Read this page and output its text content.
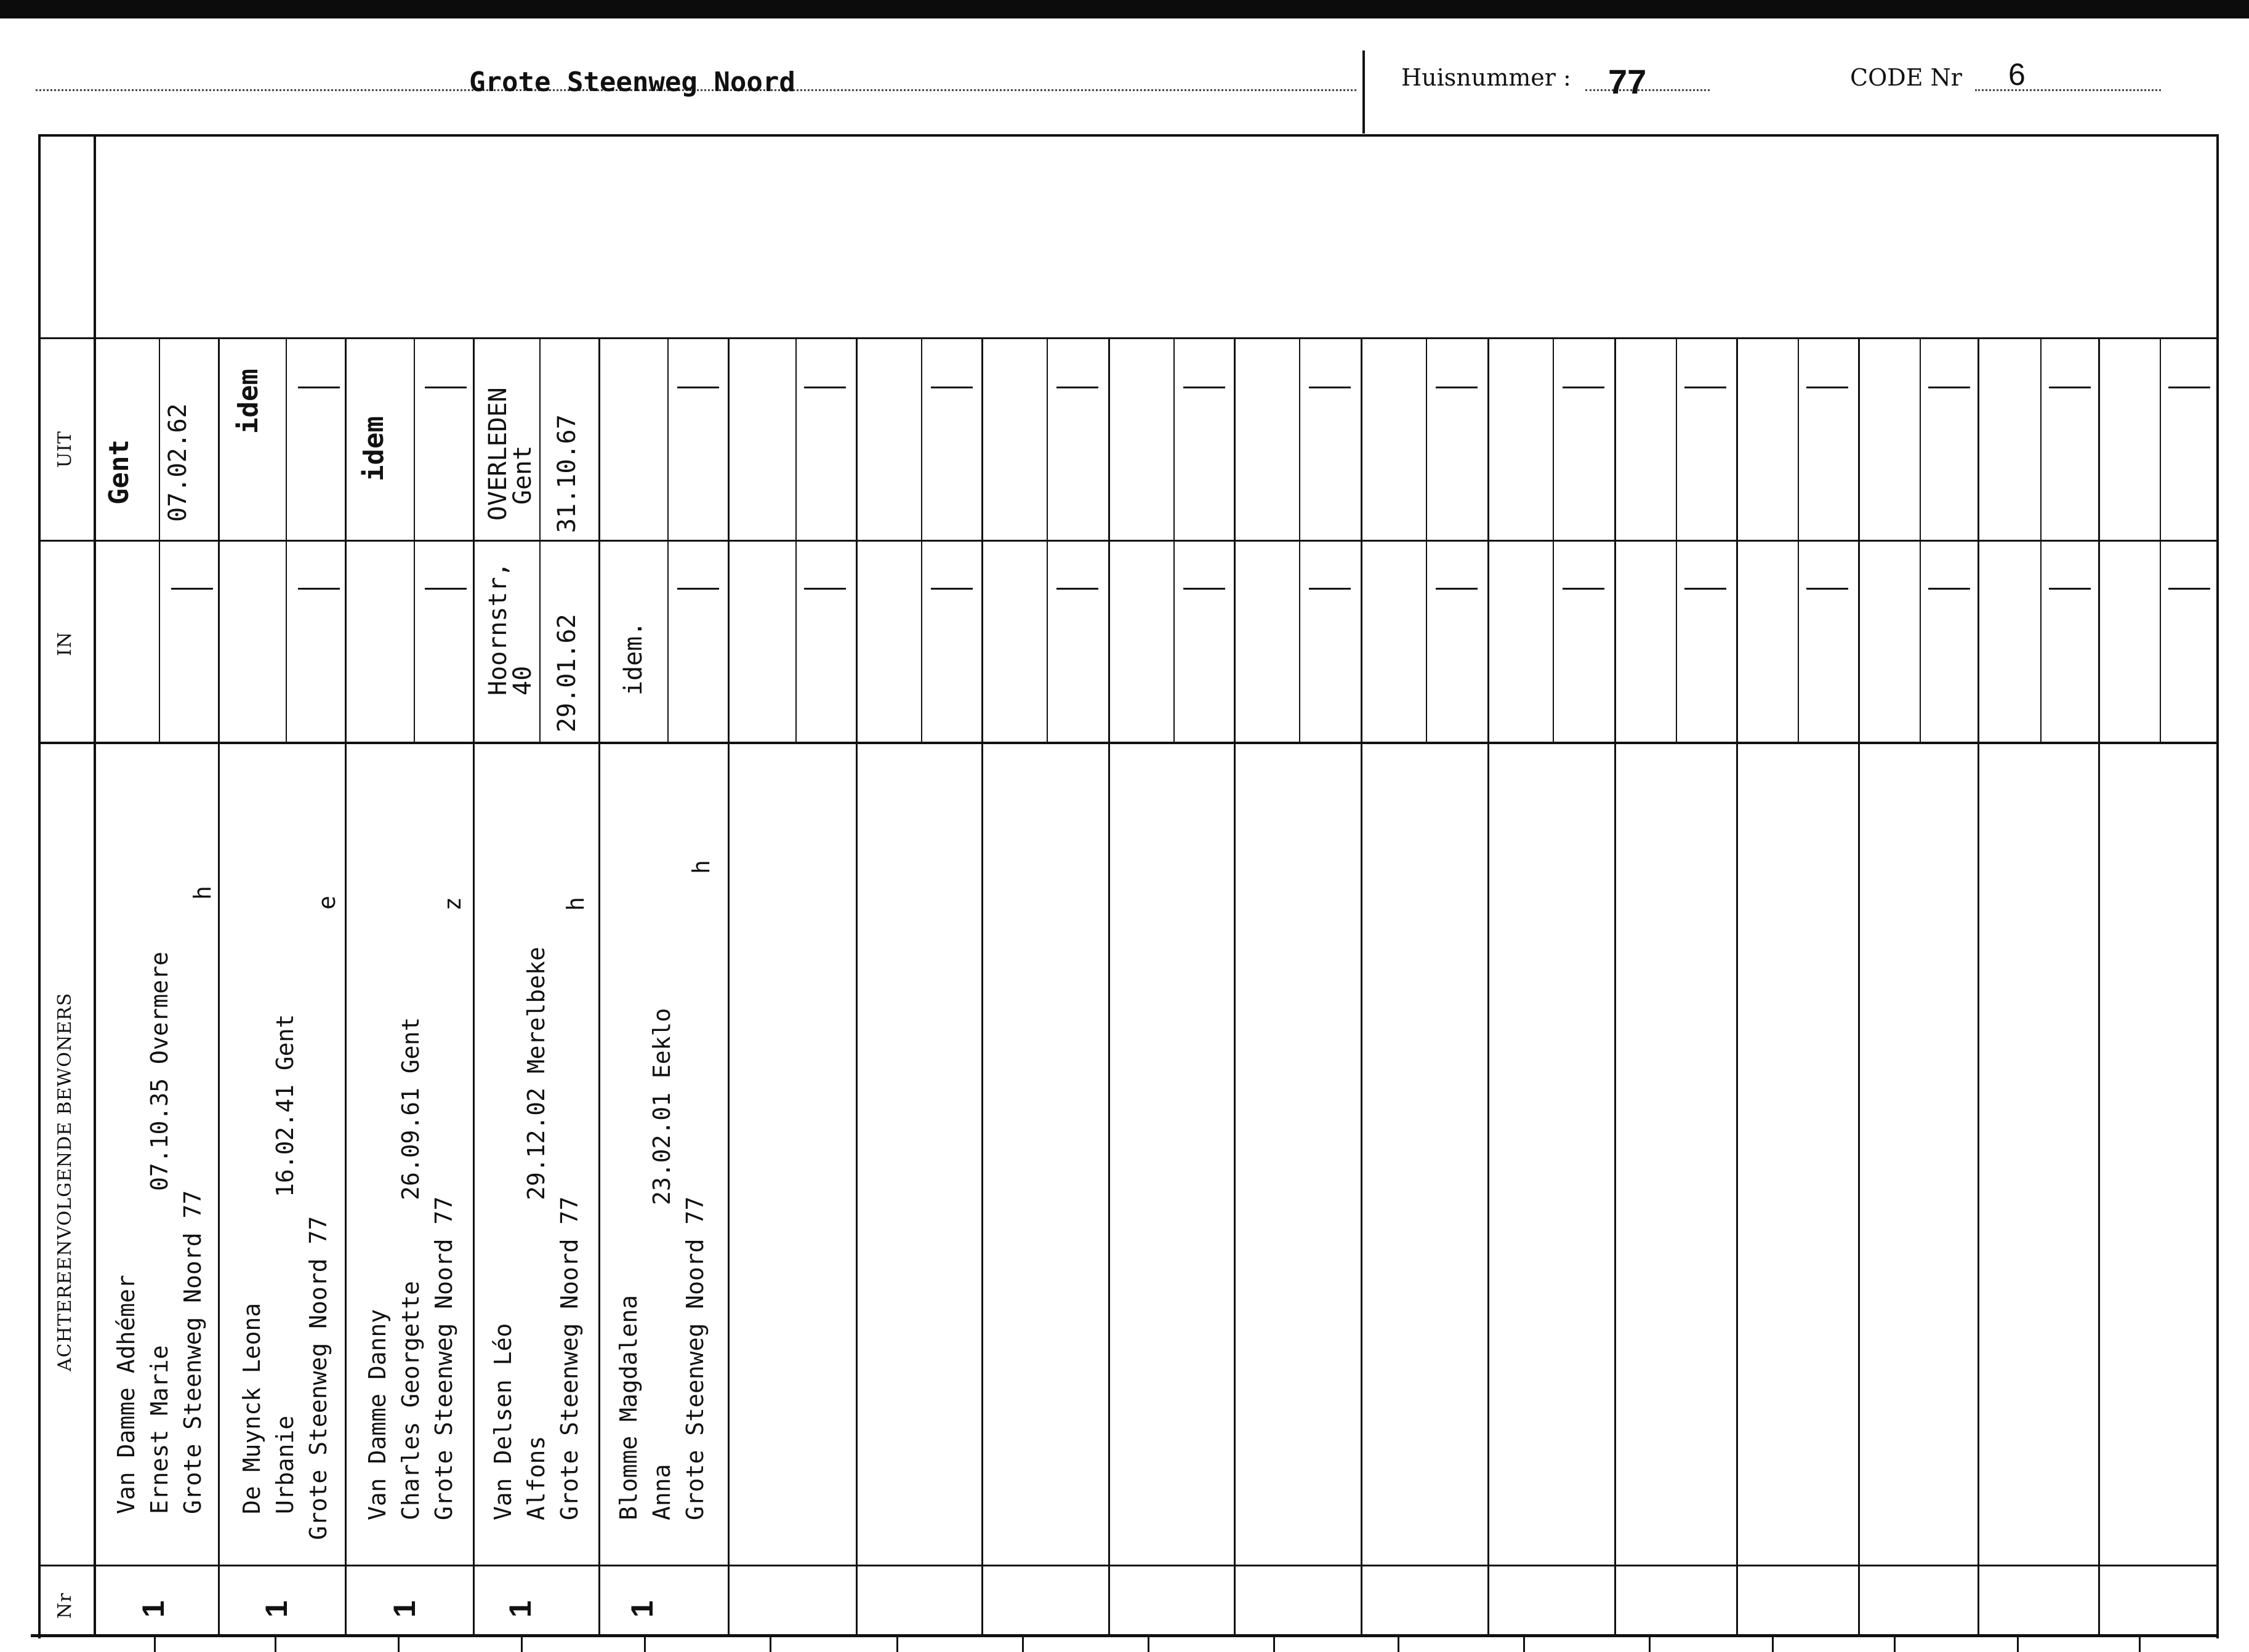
Grote Steenweg Noord	Huisnummer : 77	CODE Nr 6
UIT
IN
ACHTEREENVOLGENDE BEWONERS
Nr 1
Van Damme Adhémer Ernest Marie
07.10.35 Overmere
Grote Steenweg Noord 77
h
Gent 07.02.62
1
De Muynck Leona Urbanie
16.02.41 Gent
Grote Steenweg Noord 77
e
idem
1
Van Damme Danny Charles Georgette
26.09.61 Gent
Grote Steenweg Noord 77
z
idem
1
Van Delsen Léo Alfons
29.12.02 Merelbeke
Grote Steenweg Noord 77
h
Hoornstr,
40 29.01.62
OVERLEDEN
Gent 31.10.67
1
Blomme Magdalena Anna
23.02.01 Eeklo
Grote Steenweg Noord 77
h
idem.
